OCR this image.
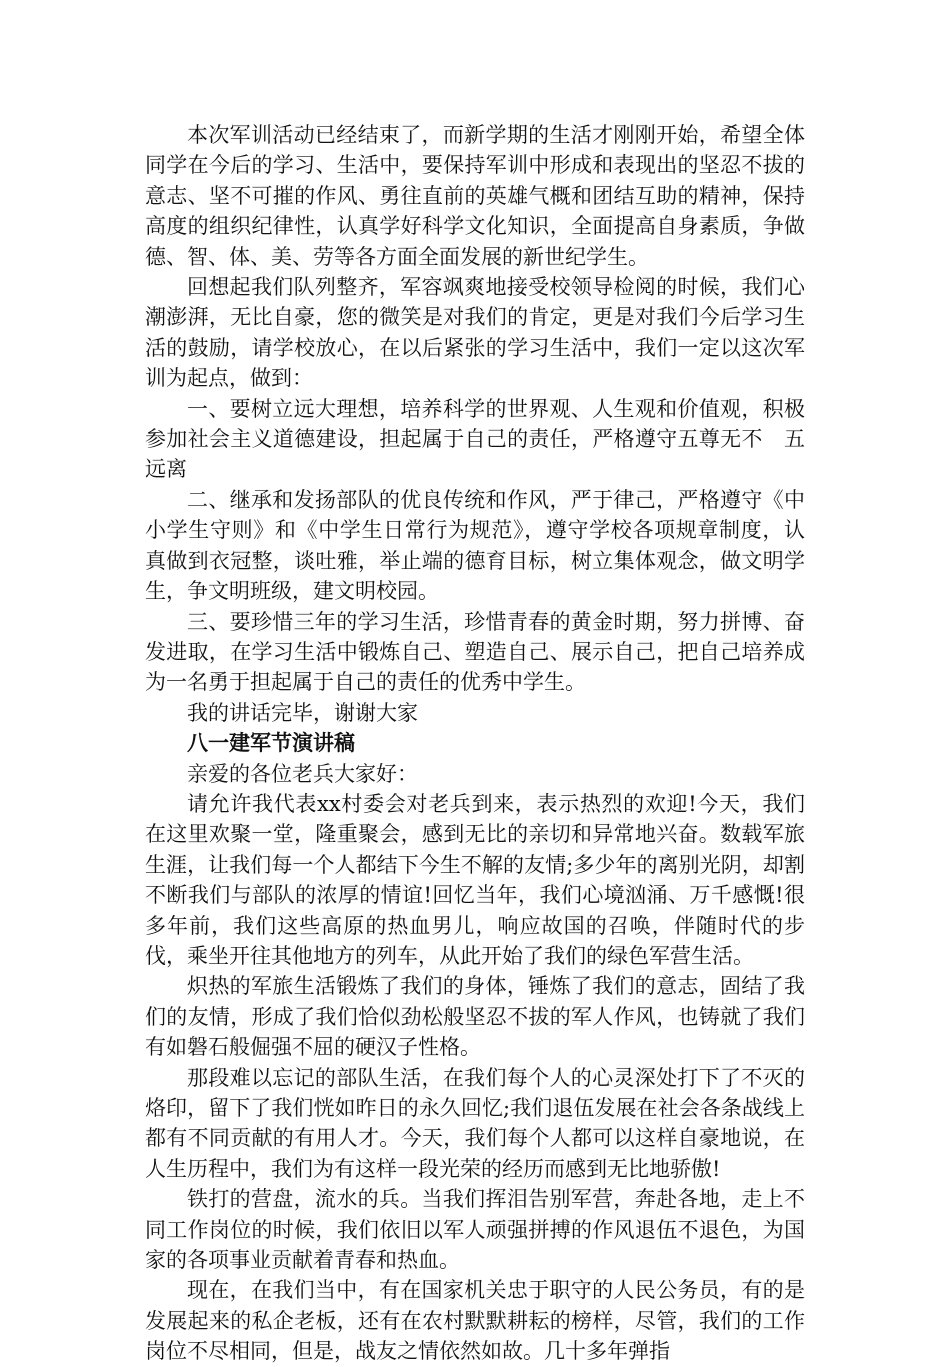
本次军训活动已经结束了，而新学期的生活才刚刚开始，希望全体同学在今后的学习、生活中，要保持军训中形成和表现出的坚忍不拔的意志、坚不可摧的作风、勇往直前的英雄气概和团结互助的精神，保持高度的组织纪律性，认真学好科学文化知识，全面提高自身素质，争做德、智、体、美、劳等各方面全面发展的新世纪学生。

回想起我们队列整齐，军容飒爽地接受校领导检阅的时候，我们心潮澎湃，无比自豪，您的微笑是对我们的肯定，更是对我们今后学习生活的鼓励，请学校放心，在以后紧张的学习生活中，我们一定以这次军训为起点，做到：

一、要树立远大理想，培养科学的世界观、人生观和价值观，积极参加社会主义道德建设，担起属于自己的责任，严格遵守五尊无不　五远离

二、继承和发扬部队的优良传统和作风，严于律己，严格遵守《中小学生守则》和《中学生日常行为规范》，遵守学校各项规章制度，认真做到衣冠整，谈吐雅，举止端的德育目标，树立集体观念，做文明学生，争文明班级，建文明校园。

三、要珍惜三年的学习生活，珍惜青春的黄金时期，努力拼博、奋发进取，在学习生活中锻炼自己、塑造自己、展示自己，把自己培养成为一名勇于担起属于自己的责任的优秀中学生。

我的讲话完毕，谢谢大家

八一建军节演讲稿

亲爱的各位老兵大家好：

请允许我代表xx村委会对老兵到来，表示热烈的欢迎!今天，我们在这里欢聚一堂，隆重聚会，感到无比的亲切和异常地兴奋。数载军旅生涯，让我们每一个人都结下今生不解的友情;多少年的离别光阴，却割不断我们与部队的浓厚的情谊!回忆当年，我们心境汹涌、万千感慨!很多年前，我们这些高原的热血男儿，响应故国的召唤，伴随时代的步伐，乘坐开往其他地方的列车，从此开始了我们的绿色军营生活。

炽热的军旅生活锻炼了我们的身体，锤炼了我们的意志，固结了我们的友情，形成了我们恰似劲松般坚忍不拔的军人作风，也铸就了我们有如磐石般倔强不屈的硬汉子性格。

那段难以忘记的部队生活，在我们每个人的心灵深处打下了不灭的烙印，留下了我们恍如昨日的永久回忆;我们退伍发展在社会各条战线上都有不同贡献的有用人才。今天，我们每个人都可以这样自豪地说，在人生历程中，我们为有这样一段光荣的经历而感到无比地骄傲!

铁打的营盘，流水的兵。当我们挥泪告别军营，奔赴各地，走上不同工作岗位的时候，我们依旧以军人顽强拼搏的作风退伍不退色，为国家的各项事业贡献着青春和热血。

现在，在我们当中，有在国家机关忠于职守的人民公务员，有的是发展起来的私企老板，还有在农村默默耕耘的榜样，尽管，我们的工作岗位不尽相同，但是，战友之情依然如故。几十多年弹指
